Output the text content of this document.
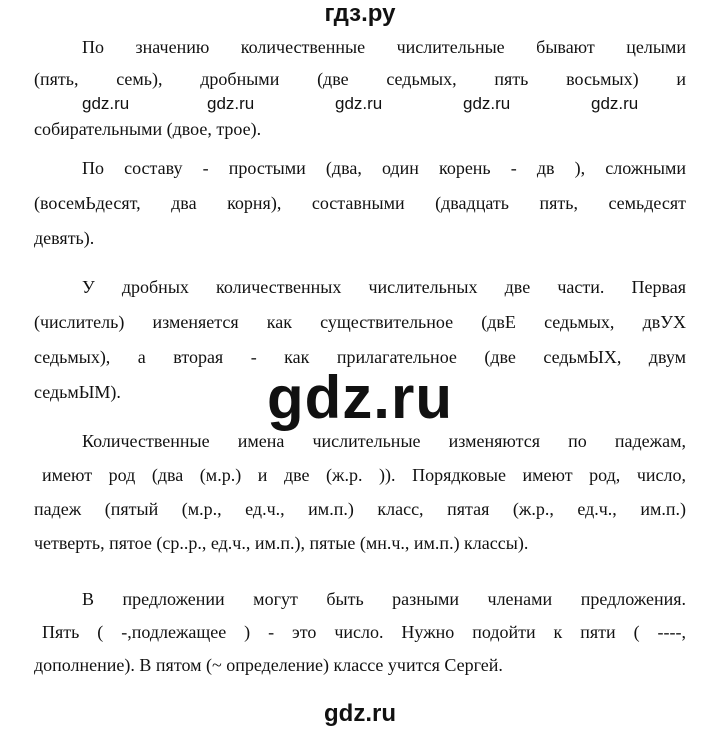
гдз.ру
gdz.ru	gdz.ru	gdz.ru	gdz.ru	gdz.ru
По значению количественные числительные бывают целыми
(пять, семь), дробными (две седьмых, пять восьмых) и
собирательными (двое, трое).
По составу - простыми (два, один корень - дв ), сложными
(восемЬдесят, два корня), составными (двадцать пять, семьдесят
девять).
У дробных количественных числительных две части. Первая
(числитель) изменяется как существительное (двЕ седьмых, двУХ
седьмых), а вторая - как прилагательное (две седьмЫХ, двум
седьмЫМ).	gdz.ru
Количественные имена числительные изменяются по падежам,
имеют род (два (м.р.) и две (ж.р. )). Порядковые имеют род, число,
падеж (пятый (м.р., ед.ч., им.п.) класс, пятая (ж.р., ед.ч., им.п.)
четверть, пятое (ср..р., ед.ч., им.п.), пятые (мн.ч., им.п.) классы).
В предложении могут быть разными членами предложения.
Пять ( -,подлежащее ) - это число. Нужно подойти к пяти ( ----,
дополнение). В пятом (~ определение) классе учится Сергей.
gdz.ru
